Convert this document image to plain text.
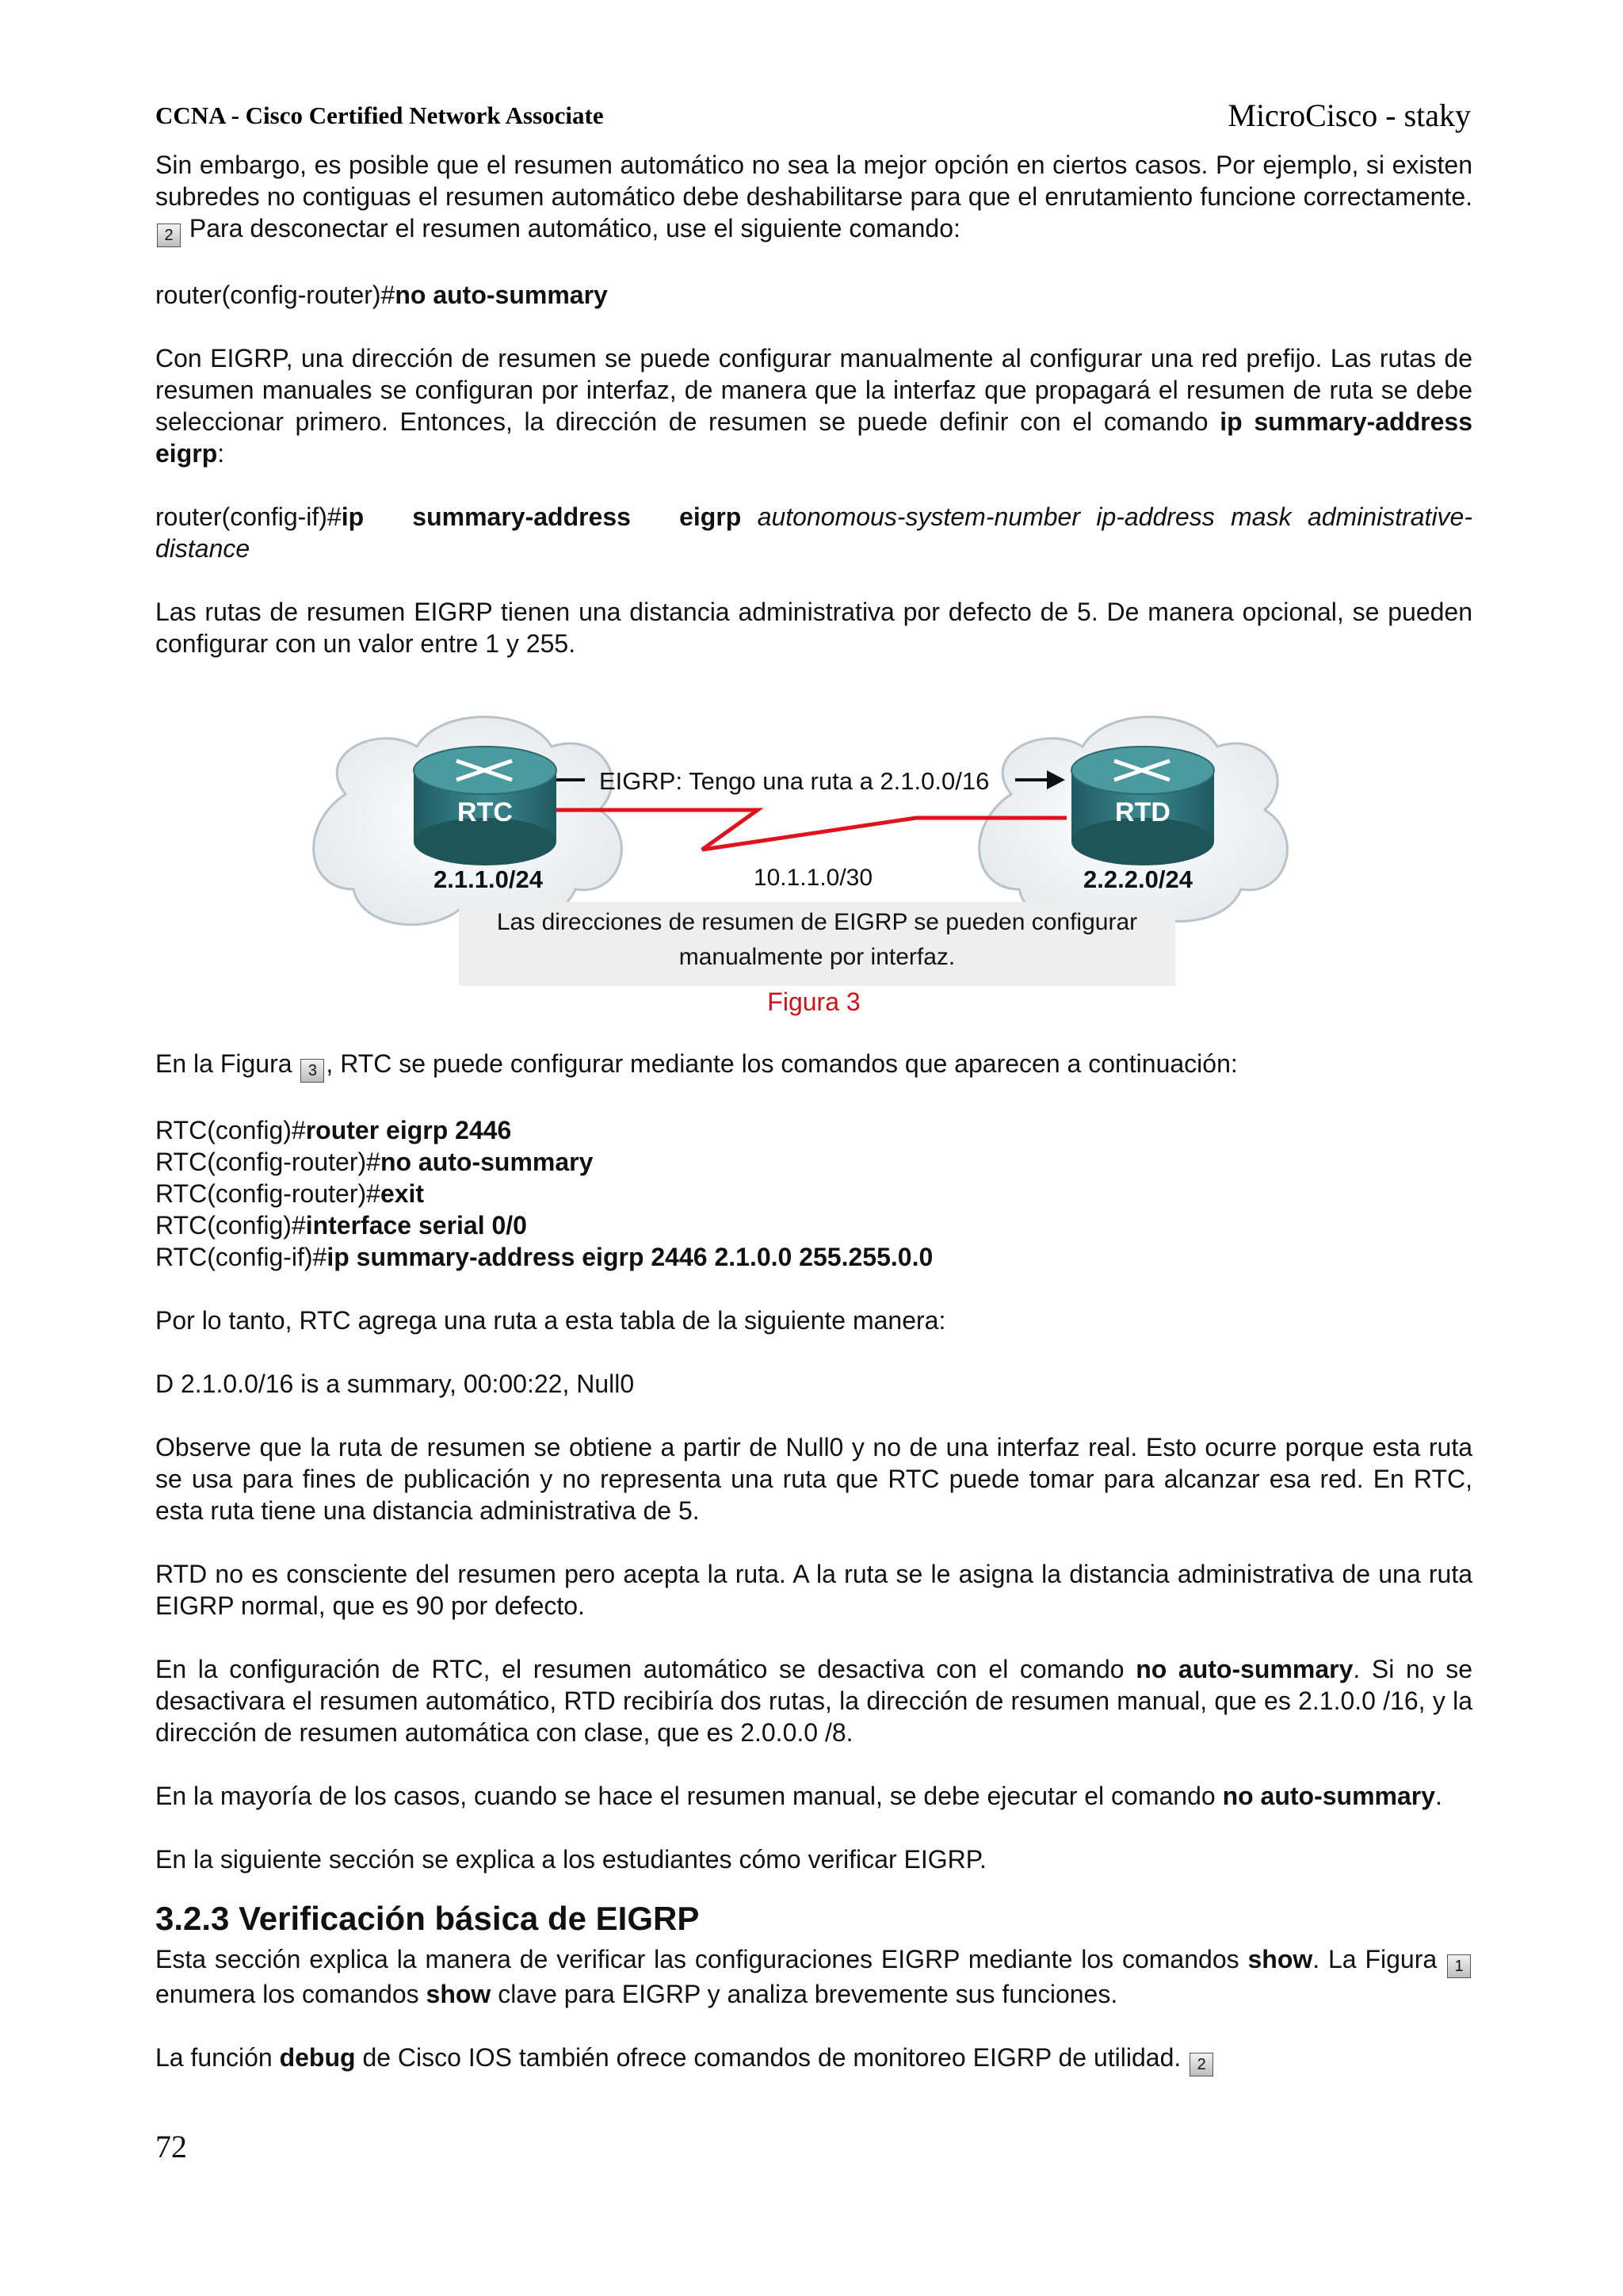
CCNA - Cisco Certified Network Associate	MicroCisco - staky

Sin embargo, es posible que el resumen automático no sea la mejor opción en ciertos casos. Por ejemplo, si existen subredes no contiguas el resumen automático debe deshabilitarse para que el enrutamiento funcione correctamente. 2 Para desconectar el resumen automático, use el siguiente comando:

router(config-router)#no auto-summary

Con EIGRP, una dirección de resumen se puede configurar manualmente al configurar una red prefijo. Las rutas de resumen manuales se configuran por interfaz, de manera que la interfaz que propagará el resumen de ruta se debe seleccionar primero. Entonces, la dirección de resumen se puede definir con el comando ip summary-address eigrp:

router(config-if)#ip   summary-address   eigrp autonomous-system-number ip-address mask administrative-distance

Las rutas de resumen EIGRP tienen una distancia administrativa por defecto de 5. De manera opcional, se pueden configurar con un valor entre 1 y 255.

RTC	RTD
EIGRP: Tengo una ruta a 2.1.0.0/16
2.1.1.0/24	2.2.2.0/24
10.1.1.0/30
Las direcciones de resumen de EIGRP se pueden configurar
manualmente por interfaz.
Figura 3

En la Figura 3 , RTC se puede configurar mediante los comandos que aparecen a continuación:

RTC(config)#router eigrp 2446
RTC(config-router)#no auto-summary
RTC(config-router)#exit
RTC(config)#interface serial 0/0
RTC(config-if)#ip summary-address eigrp 2446 2.1.0.0 255.255.0.0

Por lo tanto, RTC agrega una ruta a esta tabla de la siguiente manera:

D 2.1.0.0/16 is a summary, 00:00:22, Null0

Observe que la ruta de resumen se obtiene a partir de Null0 y no de una interfaz real. Esto ocurre porque esta ruta se usa para fines de publicación y no representa una ruta que RTC puede tomar para alcanzar esa red. En RTC, esta ruta tiene una distancia administrativa de 5.

RTD no es consciente del resumen pero acepta la ruta. A la ruta se le asigna la distancia administrativa de una ruta EIGRP normal, que es 90 por defecto.

En la configuración de RTC, el resumen automático se desactiva con el comando no auto-summary. Si no se desactivara el resumen automático, RTD recibiría dos rutas, la dirección de resumen manual, que es 2.1.0.0 /16, y la dirección de resumen automática con clase, que es 2.0.0.0 /8.

En la mayoría de los casos, cuando se hace el resumen manual, se debe ejecutar el comando no auto-summary.

En la siguiente sección se explica a los estudiantes cómo verificar EIGRP.

3.2.3 Verificación básica de EIGRP

Esta sección explica la manera de verificar las configuraciones EIGRP mediante los comandos show. La Figura 1 enumera los comandos show clave para EIGRP y analiza brevemente sus funciones.

La función debug de Cisco IOS también ofrece comandos de monitoreo EIGRP de utilidad. 2

72
